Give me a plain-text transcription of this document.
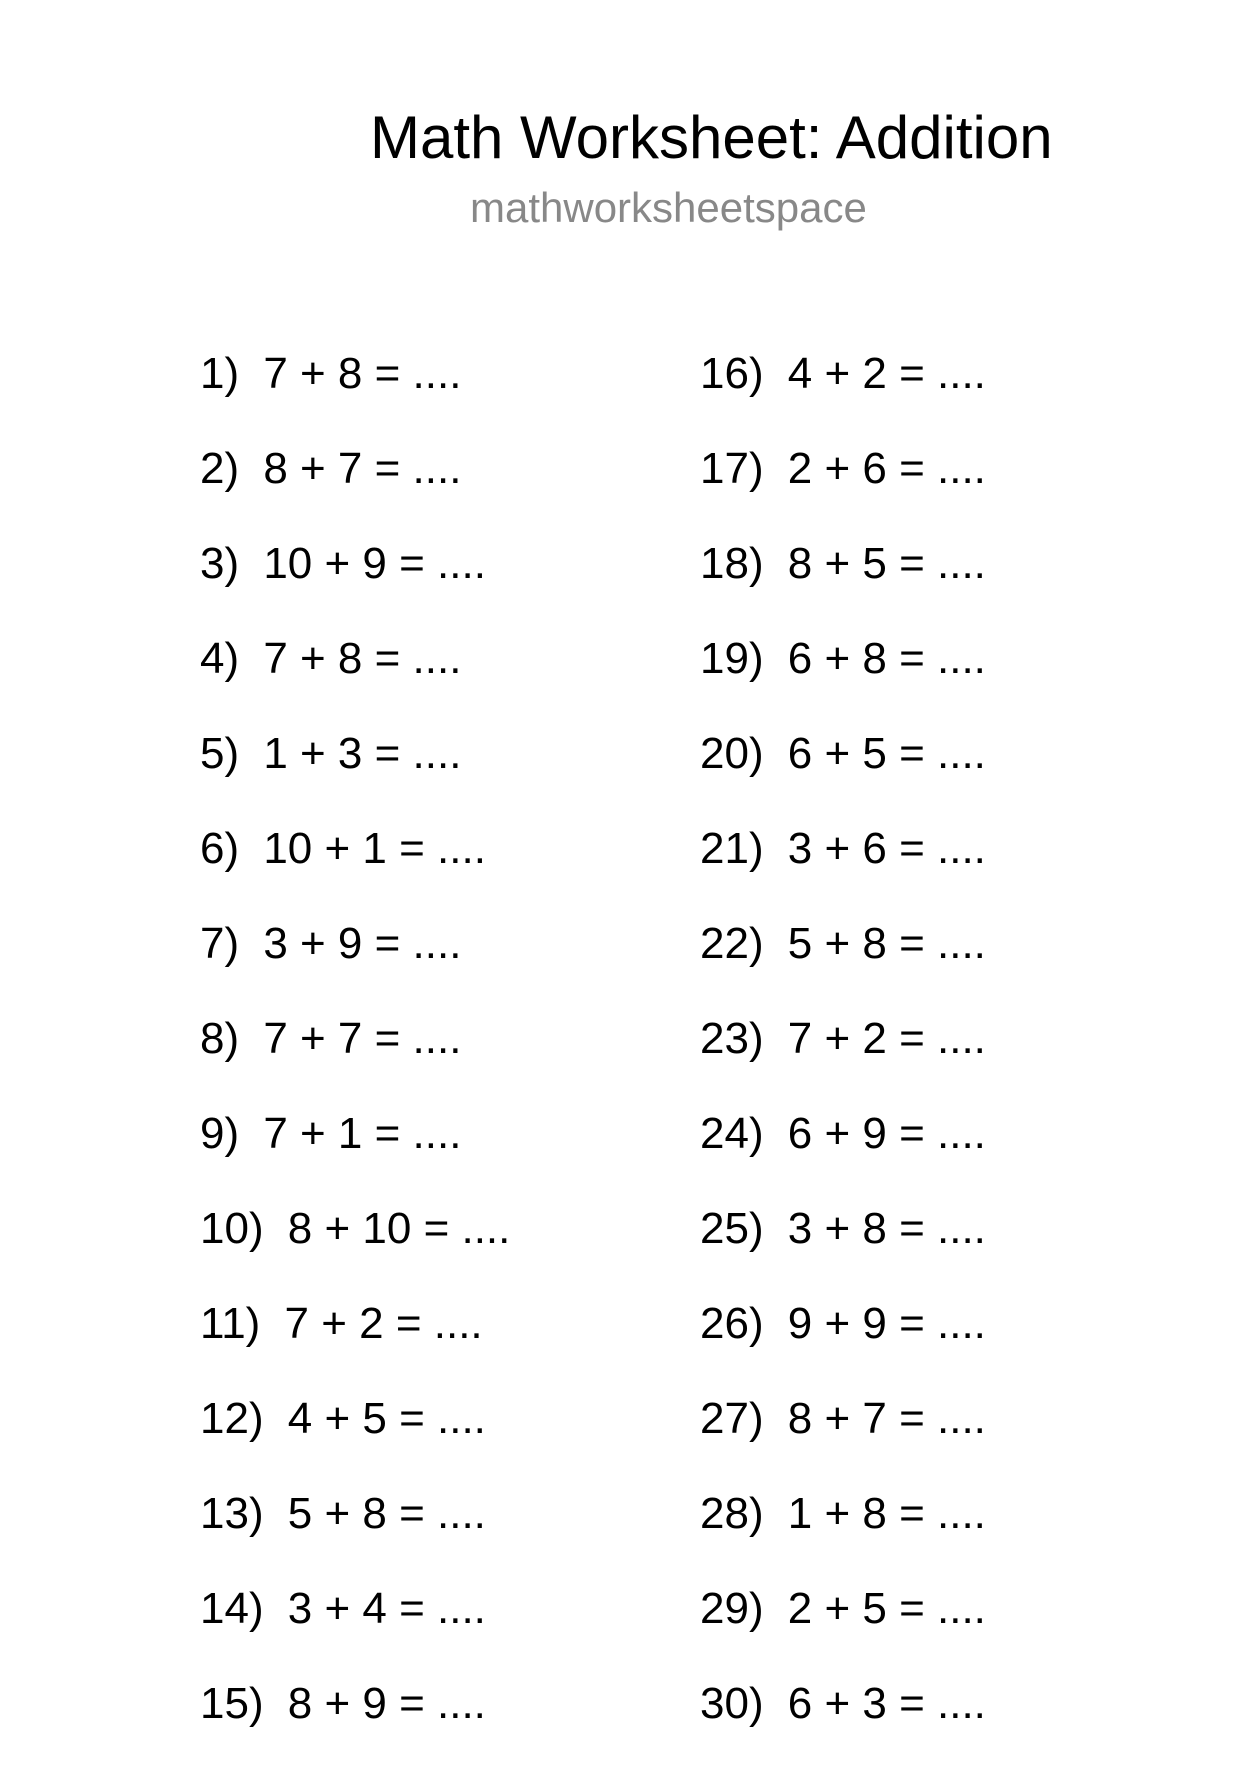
Math Worksheet: Addition
mathworksheetspace
1) 7 + 8 = ....
2) 8 + 7 = ....
3) 10 + 9 = ....
4) 7 + 8 = ....
5) 1 + 3 = ....
6) 10 + 1 = ....
7) 3 + 9 = ....
8) 7 + 7 = ....
9) 7 + 1 = ....
10) 8 + 10 = ....
11) 7 + 2 = ....
12) 4 + 5 = ....
13) 5 + 8 = ....
14) 3 + 4 = ....
15) 8 + 9 = ....
16) 4 + 2 = ....
17) 2 + 6 = ....
18) 8 + 5 = ....
19) 6 + 8 = ....
20) 6 + 5 = ....
21) 3 + 6 = ....
22) 5 + 8 = ....
23) 7 + 2 = ....
24) 6 + 9 = ....
25) 3 + 8 = ....
26) 9 + 9 = ....
27) 8 + 7 = ....
28) 1 + 8 = ....
29) 2 + 5 = ....
30) 6 + 3 = ....
